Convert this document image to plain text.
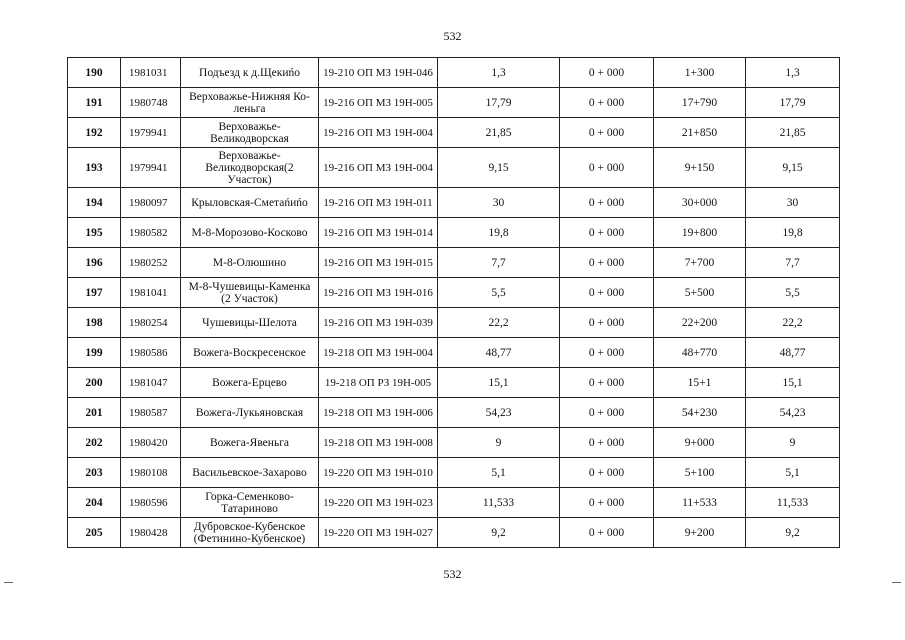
532
190	1981031	Подъезд к д.Щекиńо	19-210 ОП МЗ 19Н-046	1,3	0 + 000	1+300	1,3
191	1980748	Верховажье-Нижняя Ко-леньга	19-216 ОП МЗ 19Н-005	17,79	0 + 000	17+790	17,79
192	1979941	Верховажье-Великодворская	19-216 ОП МЗ 19Н-004	21,85	0 + 000	21+850	21,85
193	1979941	Верховажье-Великодворская(2 Участок)	19-216 ОП МЗ 19Н-004	9,15	0 + 000	9+150	9,15
194	1980097	Крыловская-Сметаńиńо	19-216 ОП МЗ 19Н-011	30	0 + 000	30+000	30
195	1980582	М-8-Морозово-Косково	19-216 ОП МЗ 19Н-014	19,8	0 + 000	19+800	19,8
196	1980252	М-8-Олюшино	19-216 ОП МЗ 19Н-015	7,7	0 + 000	7+700	7,7
197	1981041	М-8-Чушевицы-Каменка (2 Участок)	19-216 ОП МЗ 19Н-016	5,5	0 + 000	5+500	5,5
198	1980254	Чушевицы-Шелота	19-216 ОП МЗ 19Н-039	22,2	0 + 000	22+200	22,2
199	1980586	Вожега-Воскресенское	19-218 ОП МЗ 19Н-004	48,77	0 + 000	48+770	48,77
200	1981047	Вожега-Ерцево	19-218 ОП РЗ 19Н-005	15,1	0 + 000	15+1	15,1
201	1980587	Вожега-Лукьяновская	19-218 ОП МЗ 19Н-006	54,23	0 + 000	54+230	54,23
202	1980420	Вожега-Явеньга	19-218 ОП МЗ 19Н-008	9	0 + 000	9+000	9
203	1980108	Васильевское-Захарово	19-220 ОП МЗ 19Н-010	5,1	0 + 000	5+100	5,1
204	1980596	Горка-Семенково-Татариново	19-220 ОП МЗ 19Н-023	11,533	0 + 000	11+533	11,533
205	1980428	Дубровское-Кубенское (Фетинино-Кубенское)	19-220 ОП МЗ 19Н-027	9,2	0 + 000	9+200	9,2
532
